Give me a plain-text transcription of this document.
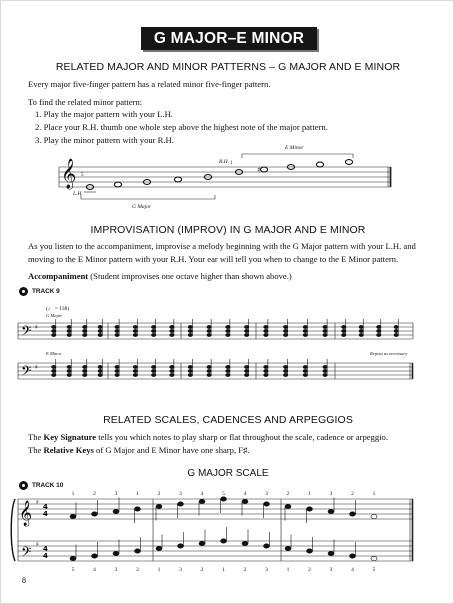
G MAJOR–E MINOR
RELATED MAJOR AND MINOR PATTERNS – G MAJOR AND E MINOR
Every major five-finger pattern has a related minor five-finger pattern.
To find the related minor pattern:
1. Play the major pattern with your L.H.
2. Place your R.H. thumb one whole step above the highest note of the major pattern.
3. Play the minor pattern with your R.H.
𝄞	♯
E Minor
R.H.
L.H.
G Major
5
1
IMPROVISATION (IMPROV) IN G MAJOR AND E MINOR
As you listen to the accompaniment, improvise a melody beginning with the G Major pattern with your L.H. and
moving to the E Minor pattern with your R.H. Your ear will tell you when to change to the E Minor pattern.
Accompaniment (Student improvises one octave higher than shown above.)
TRACK 9
(♩ = 138)
G Major
E Minor	Repeat as necessary
𝄢
𝄢
♯
♯
RELATED SCALES, CADENCES AND ARPEGGIOS
The Key Signature tells you which notes to play sharp or flat throughout the scale, cadence or arpeggio.
The Relative Keys of G Major and E Minor have one sharp, F♯.
G MAJOR SCALE
TRACK 10
𝄞
𝄢
♯
♯
4
4
4
4
1
5
2
4
3
3
1
2
2
1
3
3
4
2
5
1
4
2
3
3
2
1
1
2
3
3
2
4
1
5
8
